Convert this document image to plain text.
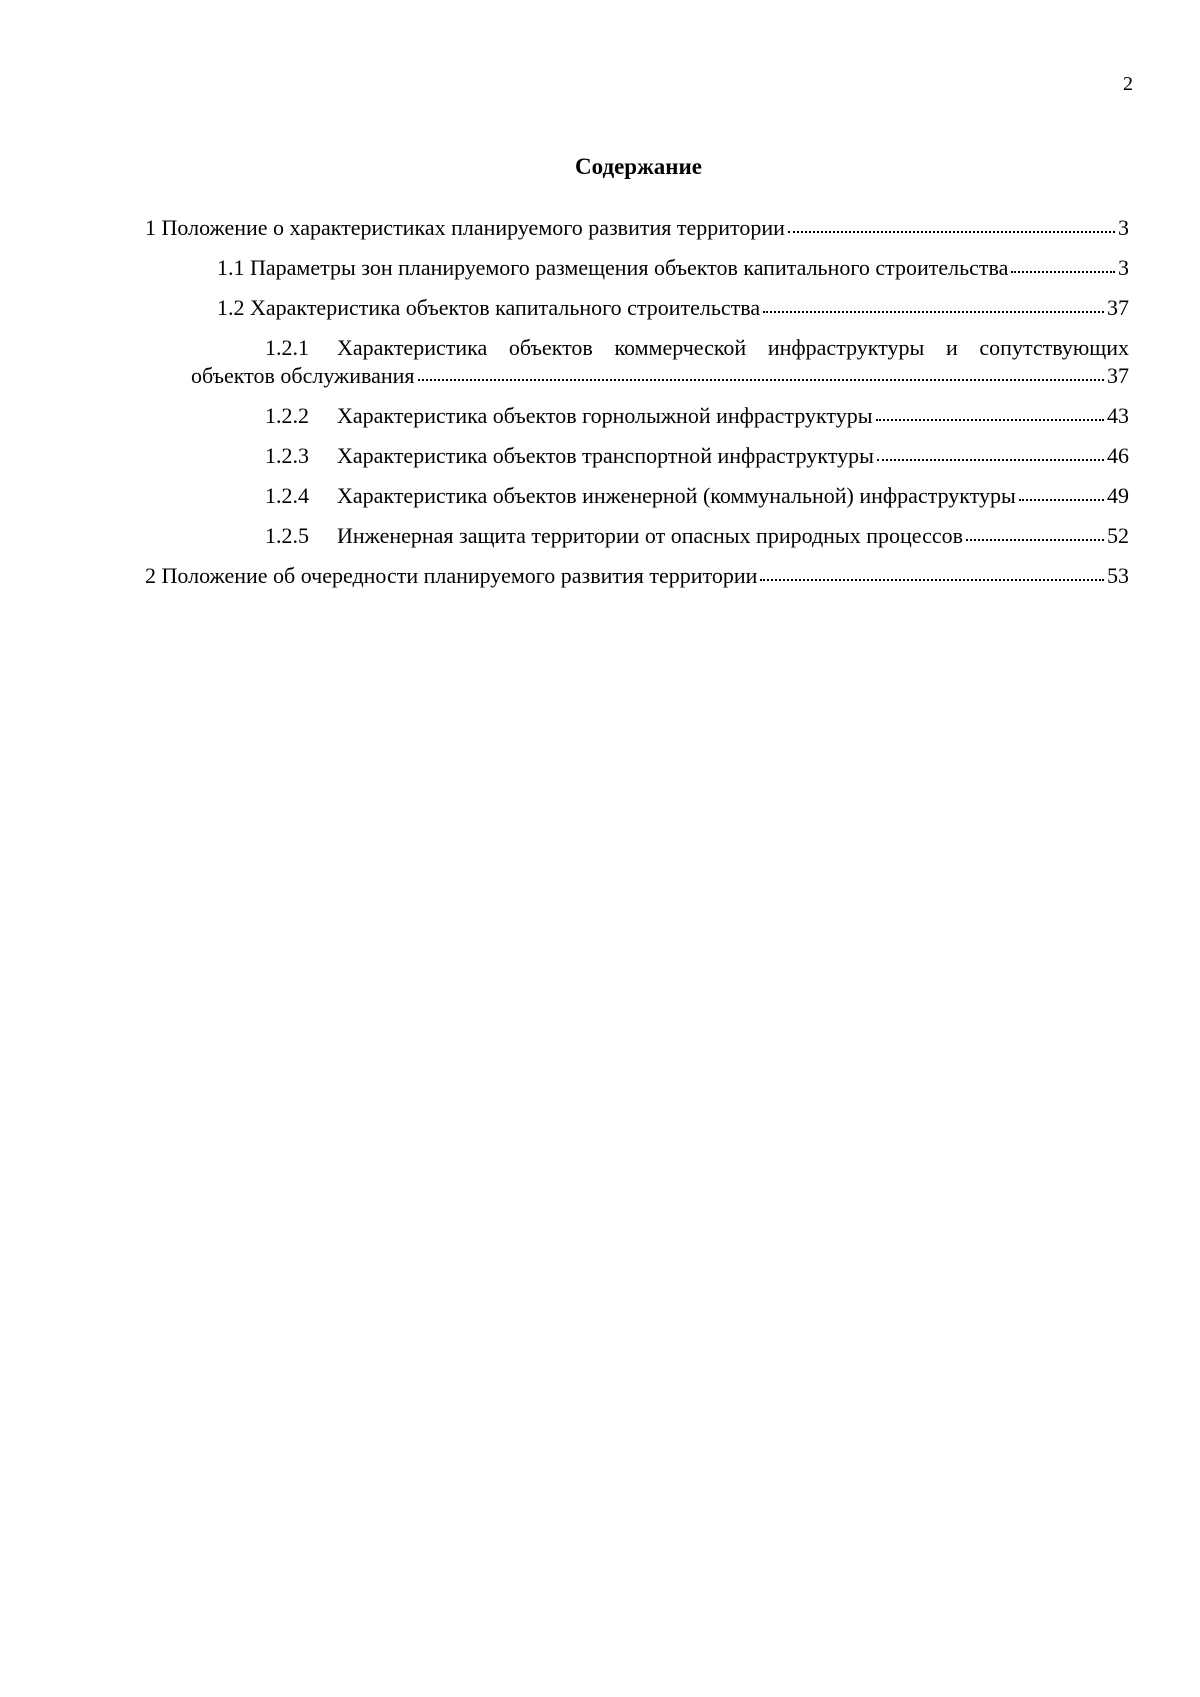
2
Содержание
1 Положение о характеристиках планируемого развития территории	3
1.1 Параметры зон планируемого размещения объектов капитального строительства	3
1.2 Характеристика объектов капитального строительства	37
1.2.1	Характеристика объектов коммерческой инфраструктуры и сопутствующих
объектов обслуживания	37
1.2.2	Характеристика объектов горнолыжной инфраструктуры	43
1.2.3	Характеристика объектов транспортной инфраструктуры	46
1.2.4	Характеристика объектов инженерной (коммунальной) инфраструктуры	49
1.2.5	Инженерная защита территории от опасных природных процессов	52
2 Положение об очередности планируемого развития территории	53
